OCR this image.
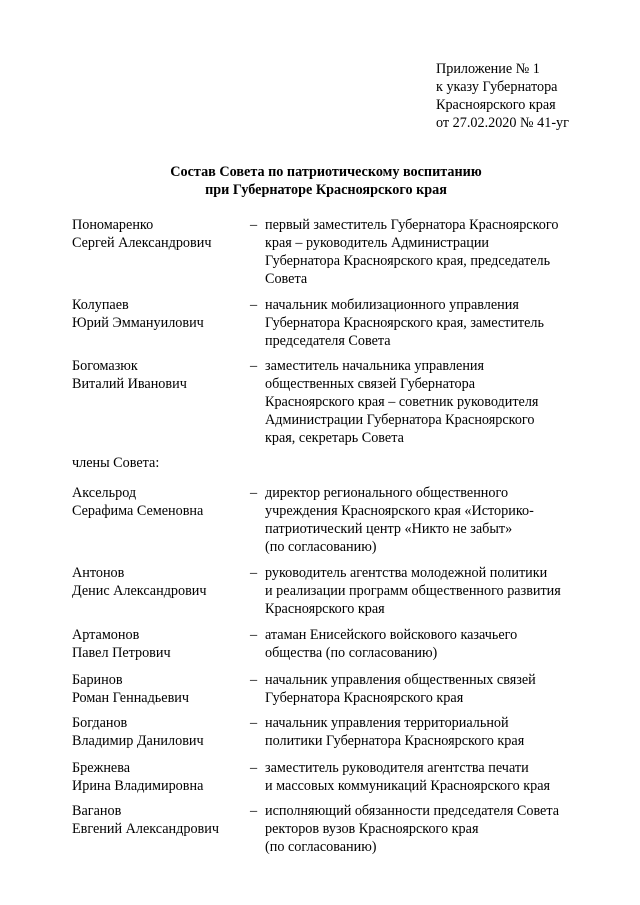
Приложение № 1
к указу Губернатора
Красноярского края
от 27.02.2020 № 41-уг
Состав Совета по патриотическому воспитанию
при Губернаторе Красноярского края
Пономаренко
Сергей Александрович
– первый заместитель Губернатора Красноярского
края – руководитель Администрации
Губернатора Красноярского края, председатель
Совета
Колупаев
Юрий Эммануилович
– начальник мобилизационного управления
Губернатора Красноярского края, заместитель
председателя Совета
Богомазюк
Виталий Иванович
– заместитель начальника управления
общественных связей Губернатора
Красноярского края – советник руководителя
Администрации Губернатора Красноярского
края, секретарь Совета
члены Совета:
Аксельрод
Серафима Семеновна
– директор регионального общественного
учреждения Красноярского края «Историко-
патриотический центр «Никто не забыт»
(по согласованию)
Антонов
Денис Александрович
– руководитель агентства молодежной политики
и реализации программ общественного развития
Красноярского края
Артамонов
Павел Петрович
– атаман Енисейского войскового казачьего
общества (по согласованию)
Баринов
Роман Геннадьевич
– начальник управления общественных связей
Губернатора Красноярского края
Богданов
Владимир Данилович
– начальник управления территориальной
политики Губернатора Красноярского края
Брежнева
Ирина Владимировна
– заместитель руководителя агентства печати
и массовых коммуникаций Красноярского края
Ваганов
Евгений Александрович
– исполняющий обязанности председателя Совета
ректоров вузов Красноярского края
(по согласованию)
